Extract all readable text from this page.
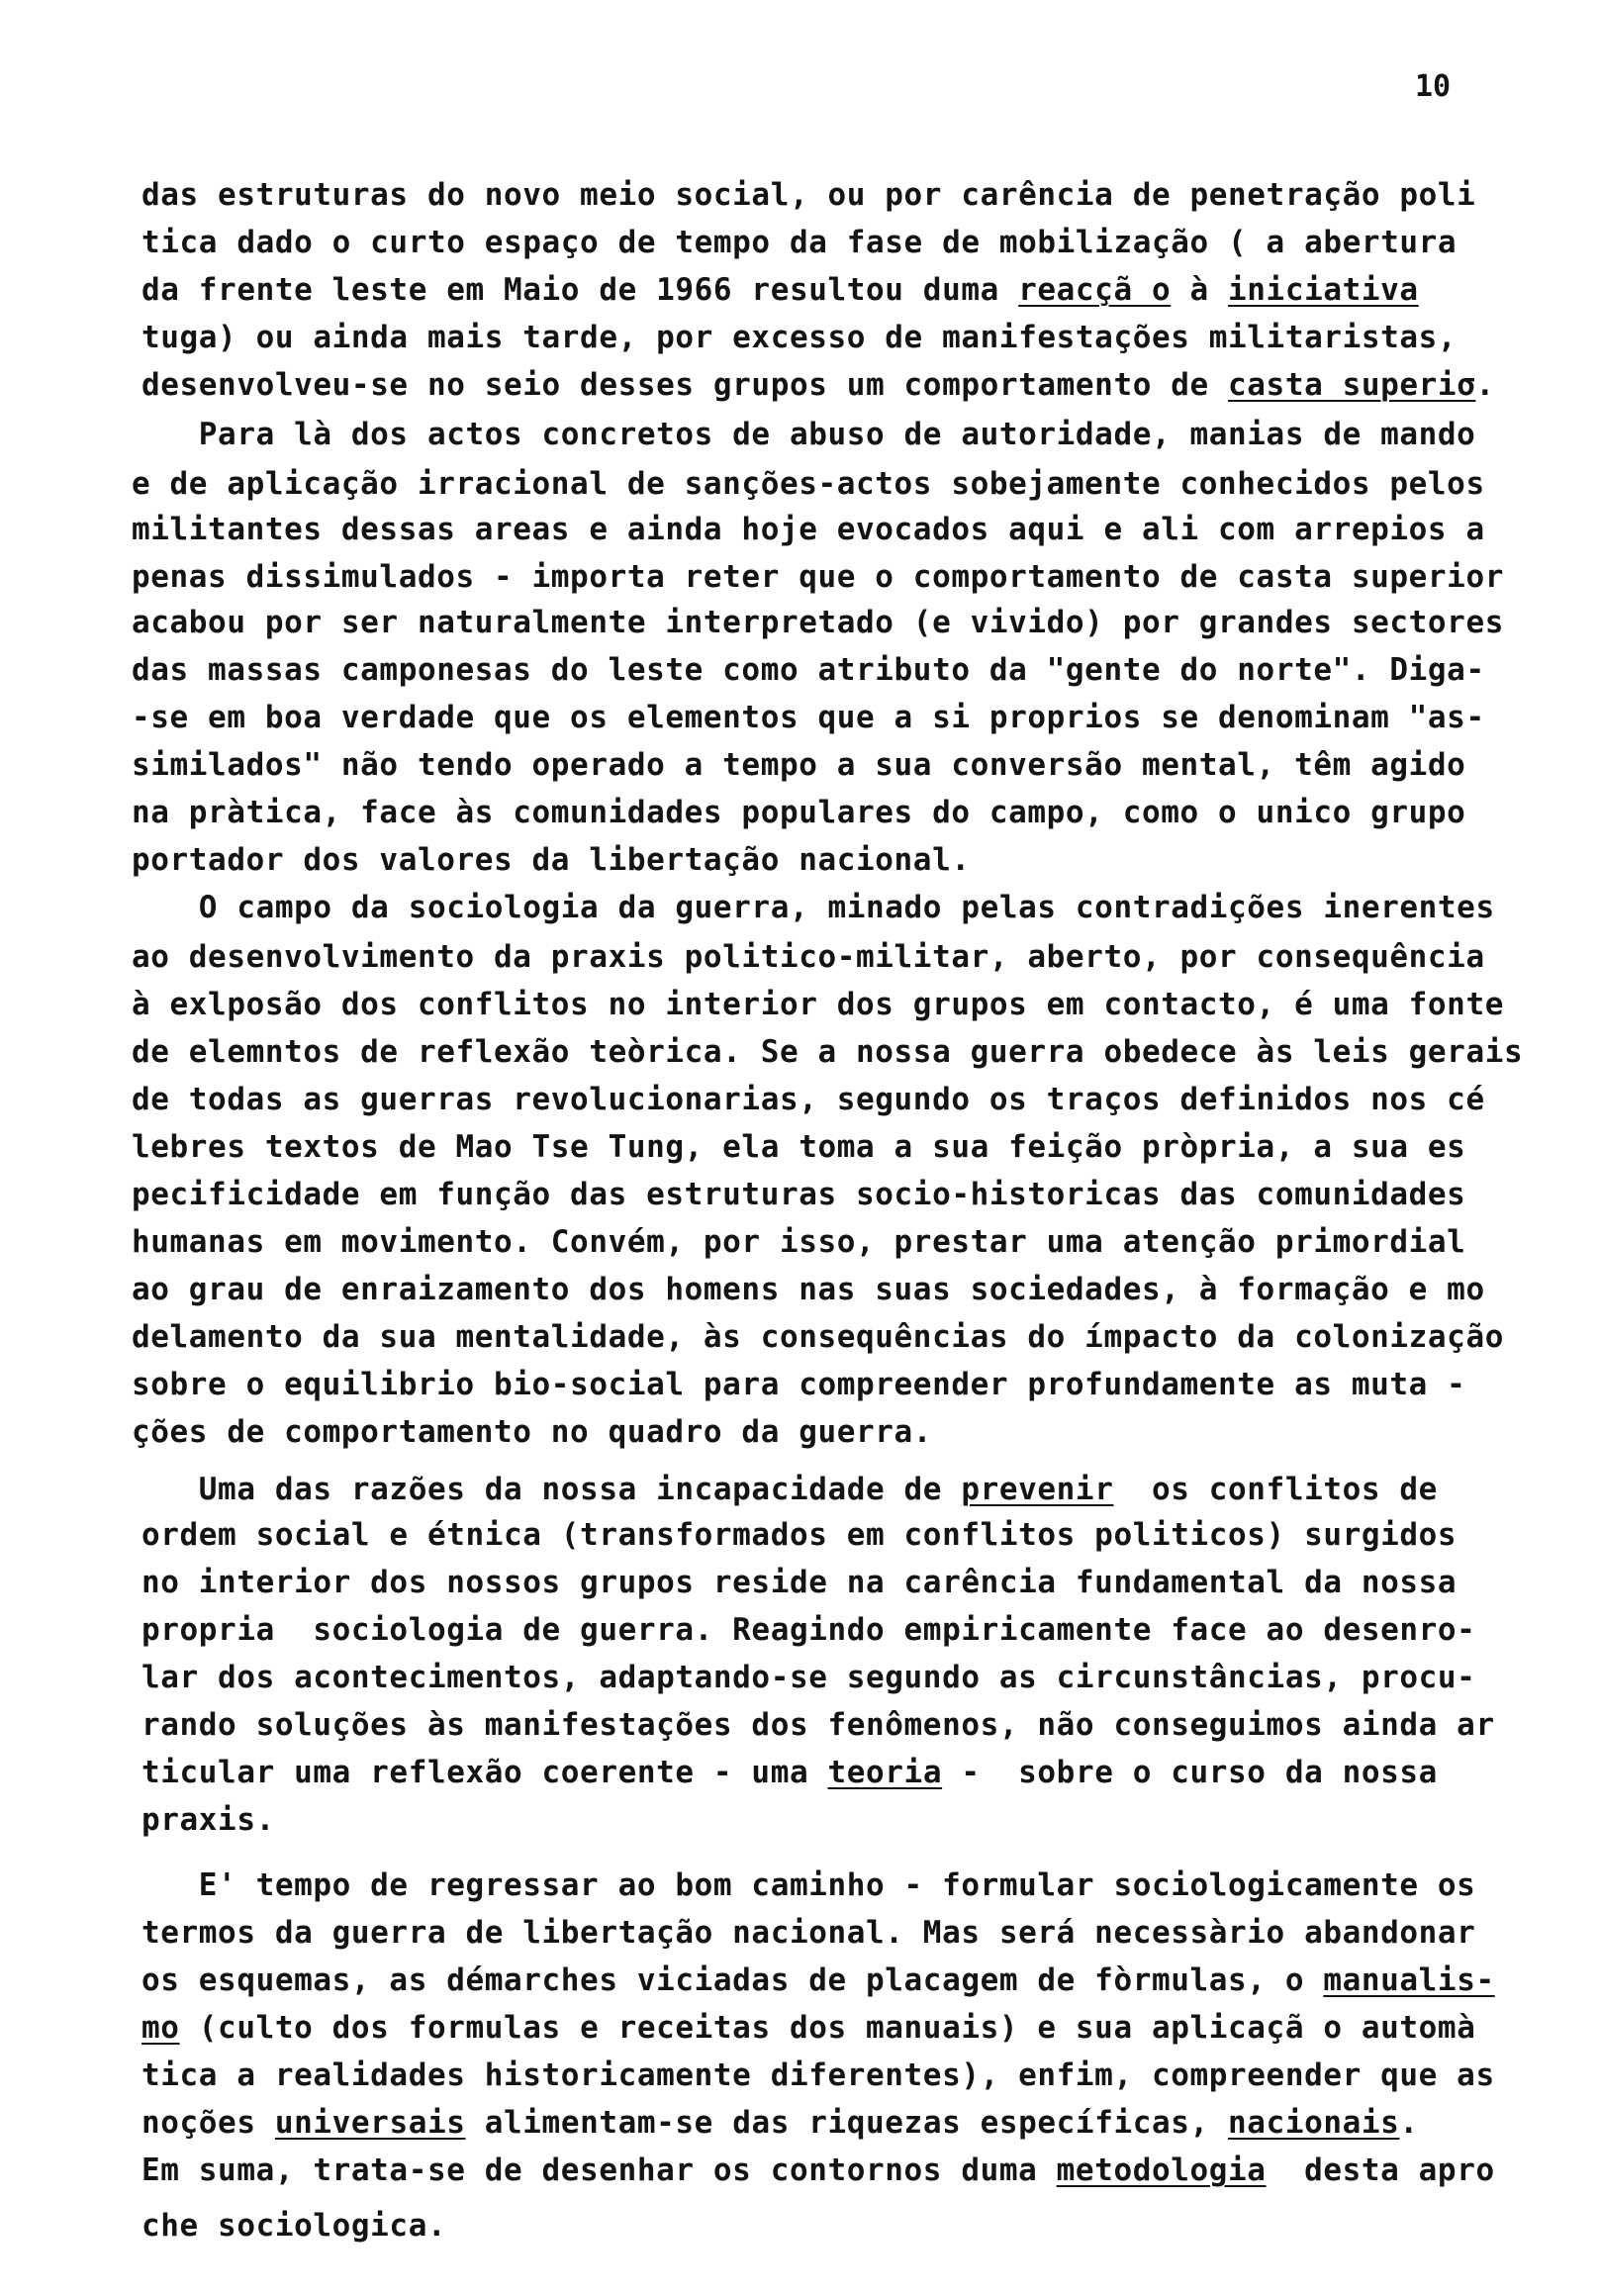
10
das estruturas do novo meio social, ou por carência de penetração poli
tica dado o curto espaço de tempo da fase de mobilização ( a abertura
da frente leste em Maio de 1966 resultou duma reacçã o à iniciativa
tuga) ou ainda mais tarde, por excesso de manifestações militaristas,
desenvolveu-se no seio desses grupos um comportamento de casta superiσ.
Para là dos actos concretos de abuso de autoridade, manias de mando
e de aplicação irracional de sanções-actos sobejamente conhecidos pelos
militantes dessas areas e ainda hoje evocados aqui e ali com arrepios a
penas dissimulados - importa reter que o comportamento de casta superior
acabou por ser naturalmente interpretado (e vivido) por grandes sectores
das massas camponesas do leste como atributo da "gente do norte". Diga-
-se em boa verdade que os elementos que a si proprios se denominam "as-
similados" não tendo operado a tempo a sua conversão mental, têm agido
na pràtica, face às comunidades populares do campo, como o unico grupo
portador dos valores da libertação nacional.
O campo da sociologia da guerra, minado pelas contradições inerentes
ao desenvolvimento da praxis politico-militar, aberto, por consequência
à exlposão dos conflitos no interior dos grupos em contacto, é uma fonte
de elemntos de reflexão teòrica. Se a nossa guerra obedece às leis gerais
de todas as guerras revolucionarias, segundo os traços definidos nos cé
lebres textos de Mao Tse Tung, ela toma a sua feição pròpria, a sua es
pecificidade em função das estruturas socio-historicas das comunidades
humanas em movimento. Convém, por isso, prestar uma atenção primordial
ao grau de enraizamento dos homens nas suas sociedades, à formação e mo
delamento da sua mentalidade, às consequências do ímpacto da colonização
sobre o equilibrio bio-social para compreender profundamente as muta -
ções de comportamento no quadro da guerra.
Uma das razões da nossa incapacidade de prevenir  os conflitos de
ordem social e étnica (transformados em conflitos politicos) surgidos
no interior dos nossos grupos reside na carência fundamental da nossa
propria  sociologia de guerra. Reagindo empiricamente face ao desenro-
lar dos acontecimentos, adaptando-se segundo as circunstâncias, procu-
rando soluções às manifestações dos fenômenos, não conseguimos ainda ar
ticular uma reflexão coerente - uma teoria -  sobre o curso da nossa
praxis.
E' tempo de regressar ao bom caminho - formular sociologicamente os
termos da guerra de libertação nacional. Mas será necessàrio abandonar
os esquemas, as démarches viciadas de placagem de fòrmulas, o manualis-
mo (culto dos formulas e receitas dos manuais) e sua aplicaçã o automà
tica a realidades historicamente diferentes), enfim, compreender que as
noções universais alimentam-se das riquezas específicas, nacionais.
Em suma, trata-se de desenhar os contornos duma metodologia  desta apro
che sociologica.
